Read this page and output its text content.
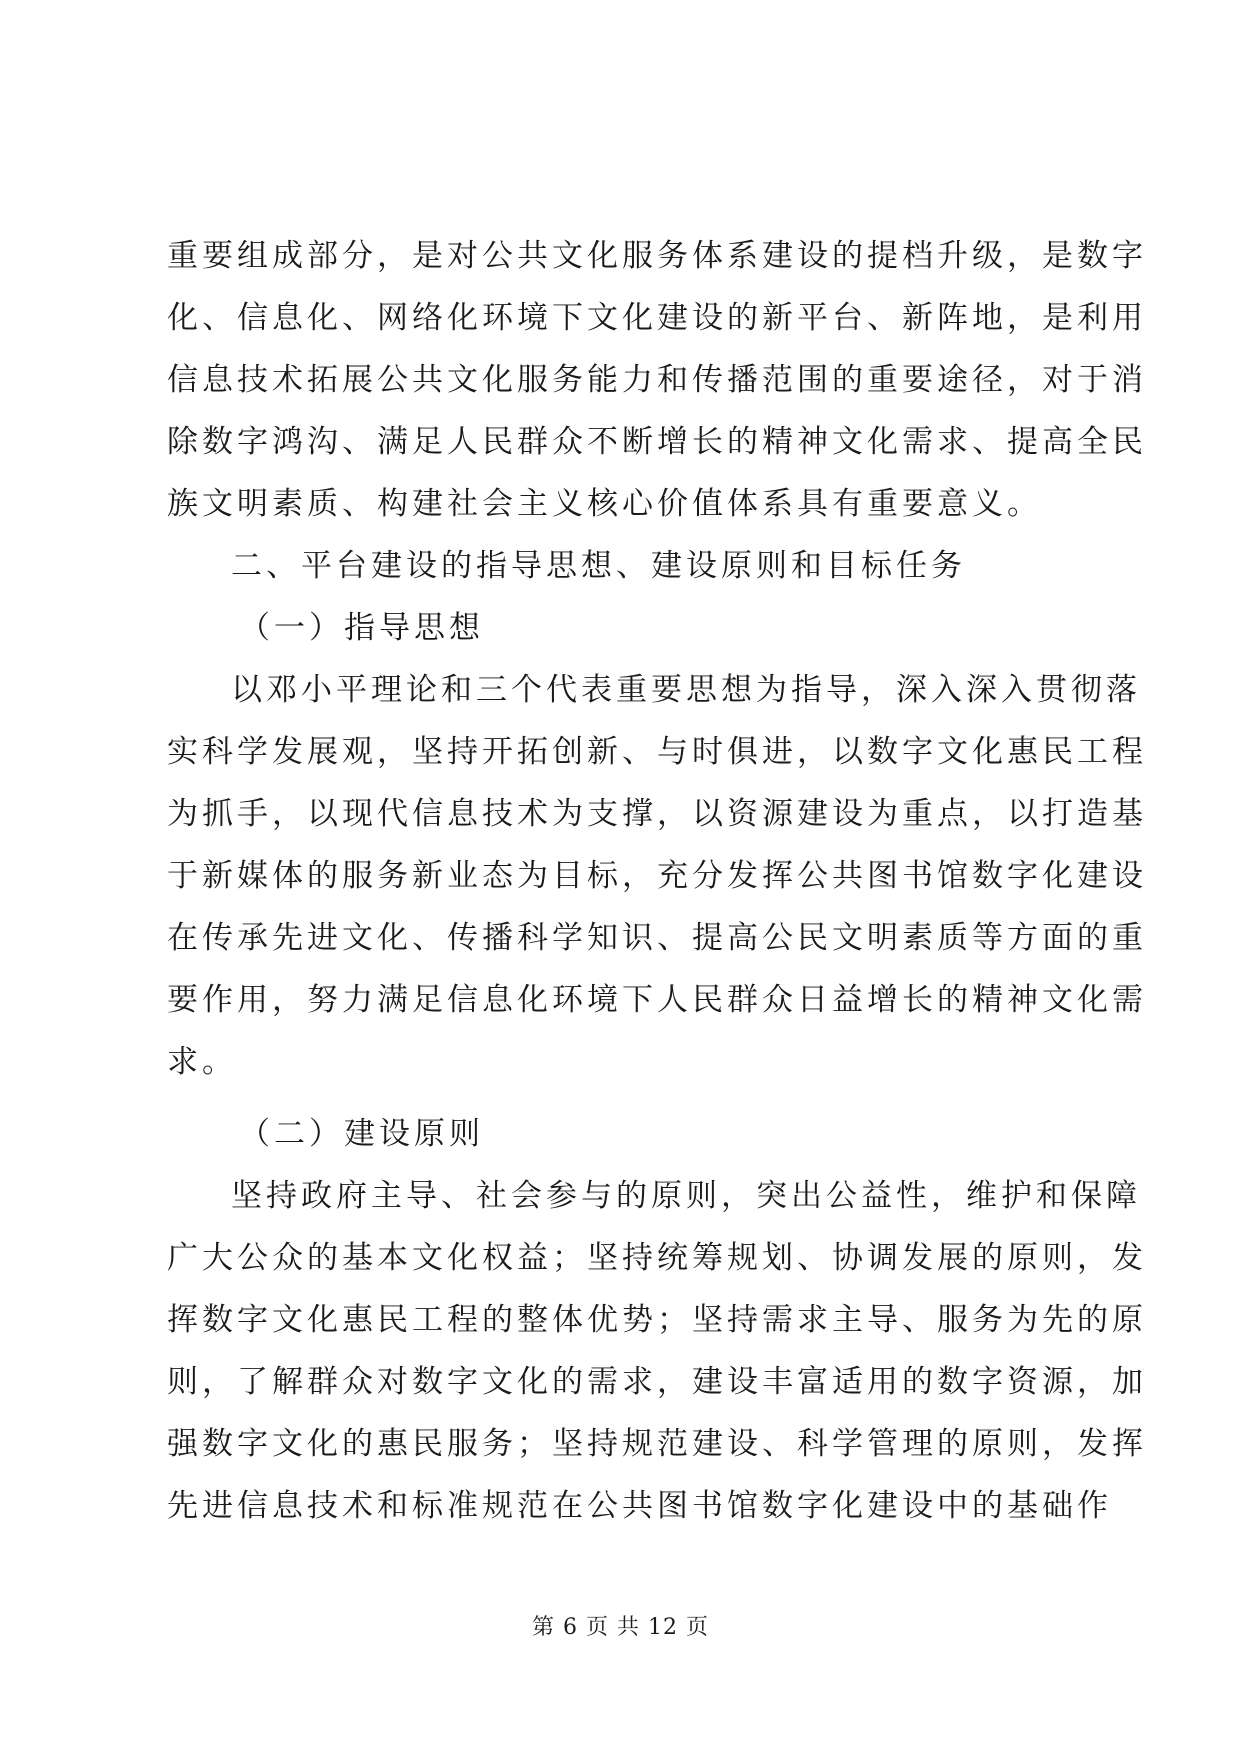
重要组成部分，是对公共文化服务体系建设的提档升级，是数字
化、信息化、网络化环境下文化建设的新平台、新阵地，是利用
信息技术拓展公共文化服务能力和传播范围的重要途径，对于消
除数字鸿沟、满足人民群众不断增长的精神文化需求、提高全民
族文明素质、构建社会主义核心价值体系具有重要意义。
二、平台建设的指导思想、建设原则和目标任务
（一）指导思想
以邓小平理论和三个代表重要思想为指导，深入深入贯彻落
实科学发展观，坚持开拓创新、与时俱进，以数字文化惠民工程
为抓手，以现代信息技术为支撑，以资源建设为重点，以打造基
于新媒体的服务新业态为目标，充分发挥公共图书馆数字化建设
在传承先进文化、传播科学知识、提高公民文明素质等方面的重
要作用，努力满足信息化环境下人民群众日益增长的精神文化需
求。
（二）建设原则
坚持政府主导、社会参与的原则，突出公益性，维护和保障
广大公众的基本文化权益；坚持统筹规划、协调发展的原则，发
挥数字文化惠民工程的整体优势；坚持需求主导、服务为先的原
则，了解群众对数字文化的需求，建设丰富适用的数字资源，加
强数字文化的惠民服务；坚持规范建设、科学管理的原则，发挥
先进信息技术和标准规范在公共图书馆数字化建设中的基础作
第 6 页 共 12 页
